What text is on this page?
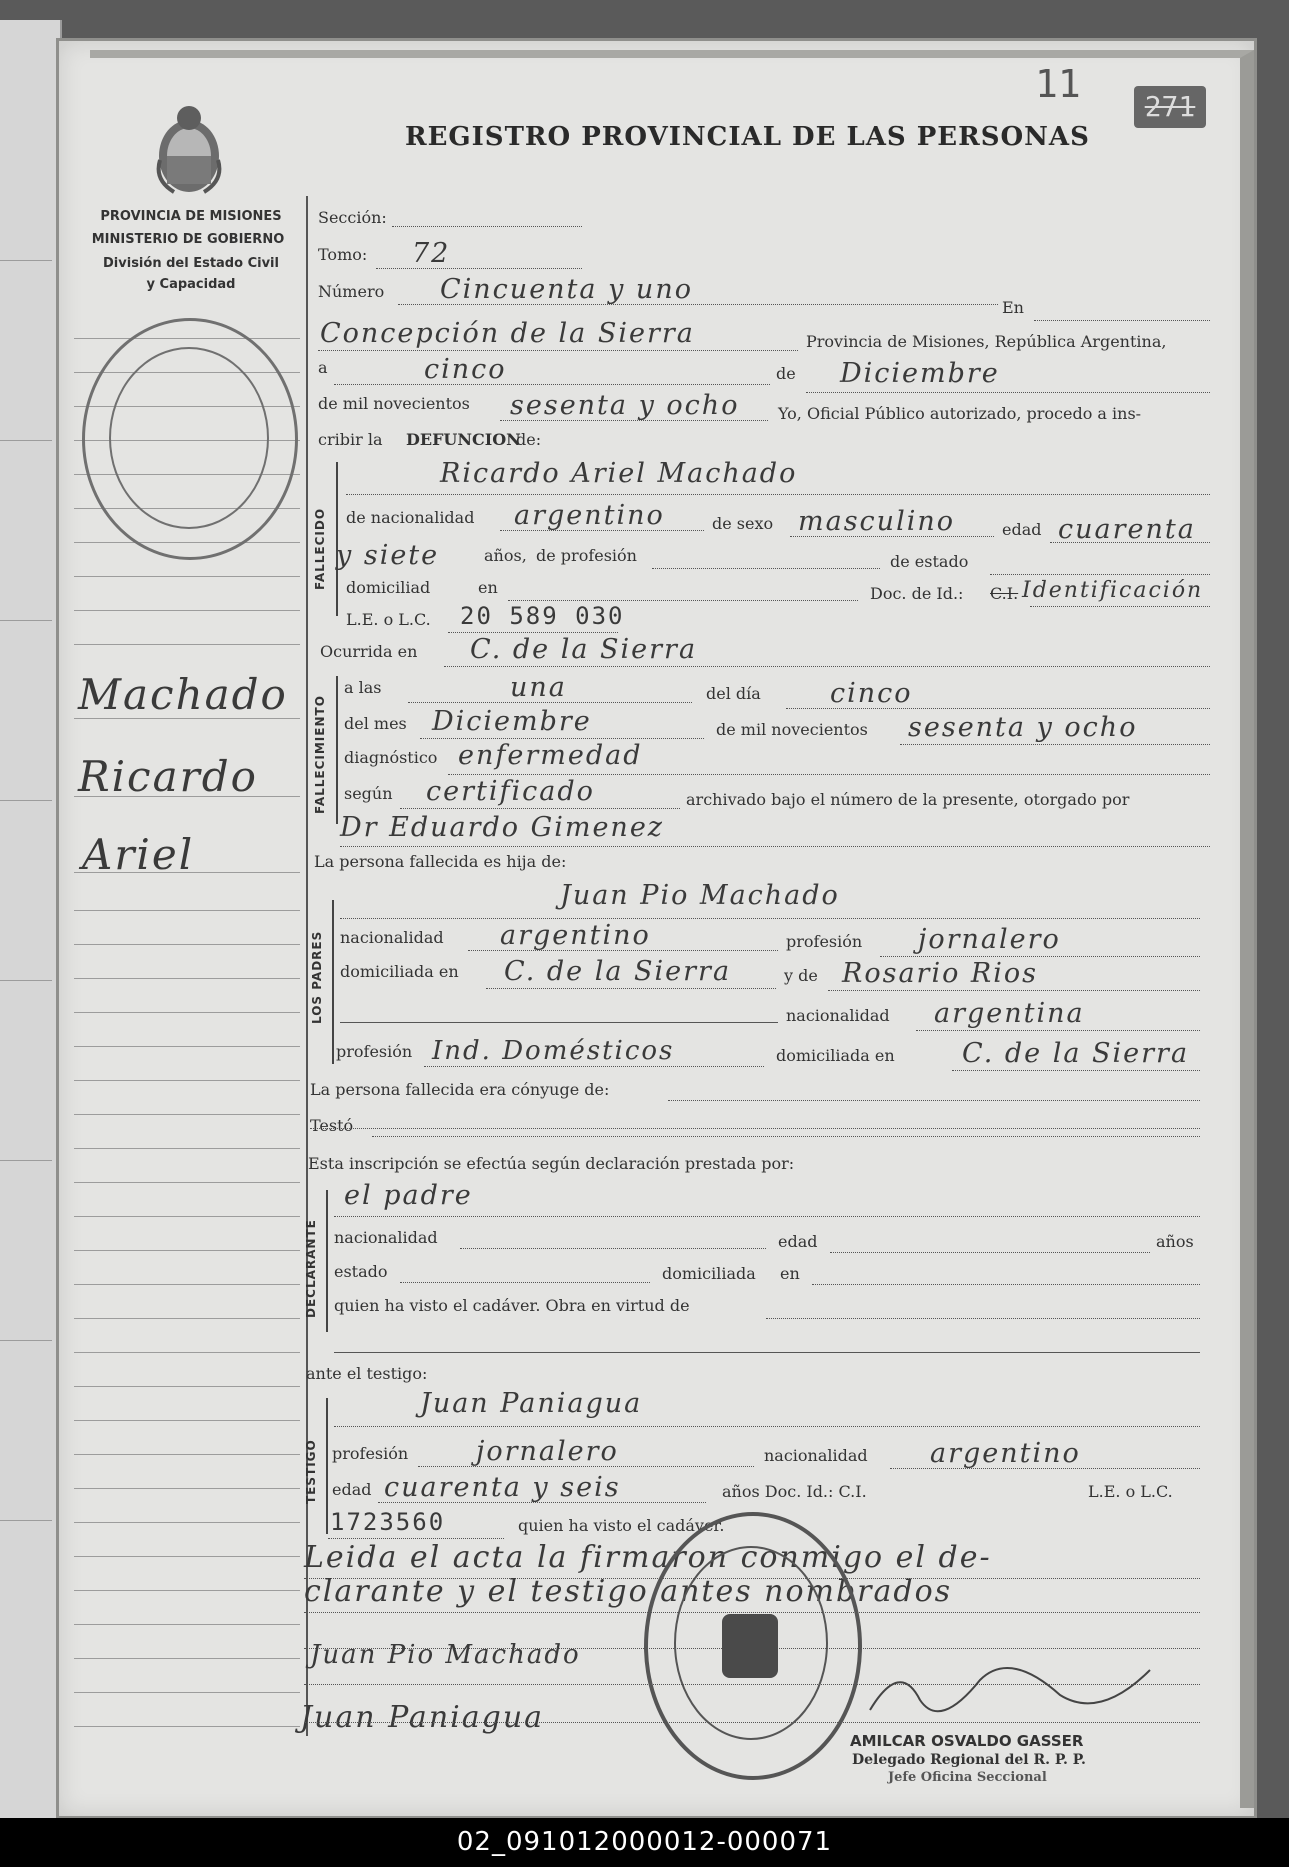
11
271
REGISTRO PROVINCIAL DE LAS PERSONAS
PROVINCIA DE MISIONES
MINISTERIO DE GOBIERNO
División del Estado Civil
y Capacidad
Machado
Ricardo
Ariel
Sección:
Tomo: 72
Número Cincuenta y uno
En
Concepción de la Sierra	Provincia de Misiones, República Argentina,
a	cinco	de Diciembre
de mil novecientos sesenta y ocho Yo, Oficial Público autorizado, procedo a ins-
cribir la DEFUNCION
de:
FALLECIDO
Ricardo Ariel Machado
de nacionalidad argentino	de sexo masculino	edad cuarenta
y siete	años, de profesión	de estado
domiciliad	en	Doc. de Id.: C.I. Identificación
L.E. o L.C. 20 589 030
Ocurrida en C. de la Sierra
FALLECIMIENTO
a las	una	del día	cinco
del mes Diciembre	de mil novecientos sesenta y ocho
diagnóstico enfermedad
según certificado	archivado bajo el número de la presente, otorgado por
Dr Eduardo Gimenez
La persona fallecida es hija de:
LOS PADRES
Juan Pio Machado
nacionalidad argentino	profesión jornalero
domiciliada en C. de la Sierra	y de Rosario Rios
nacionalidad argentina
profesión Ind. Domésticos	domiciliada en C. de la Sierra
La persona fallecida era cónyuge de:
Testó
Esta inscripción se efectúa según declaración prestada por:
DECLARANTE
el padre
nacionalidad	edad	años
estado	domiciliada en
quien ha visto el cadáver. Obra en virtud de
ante el testigo:
TESTIGO
Juan Paniagua
profesión	jornalero	nacionalidad argentino
edad cuarenta y seis	años Doc. Id.: C.I.	L.E. o L.C.
1723560	quien ha visto el cadáver.
Leida el acta la firmaron conmigo el de-
clarante y el testigo antes nombrados
Juan Pio Machado
Juan Paniagua
AMILCAR OSVALDO GASSER
Delegado Regional del R. P. P.
Jefe Oficina Seccional
02_091012000012-000071
